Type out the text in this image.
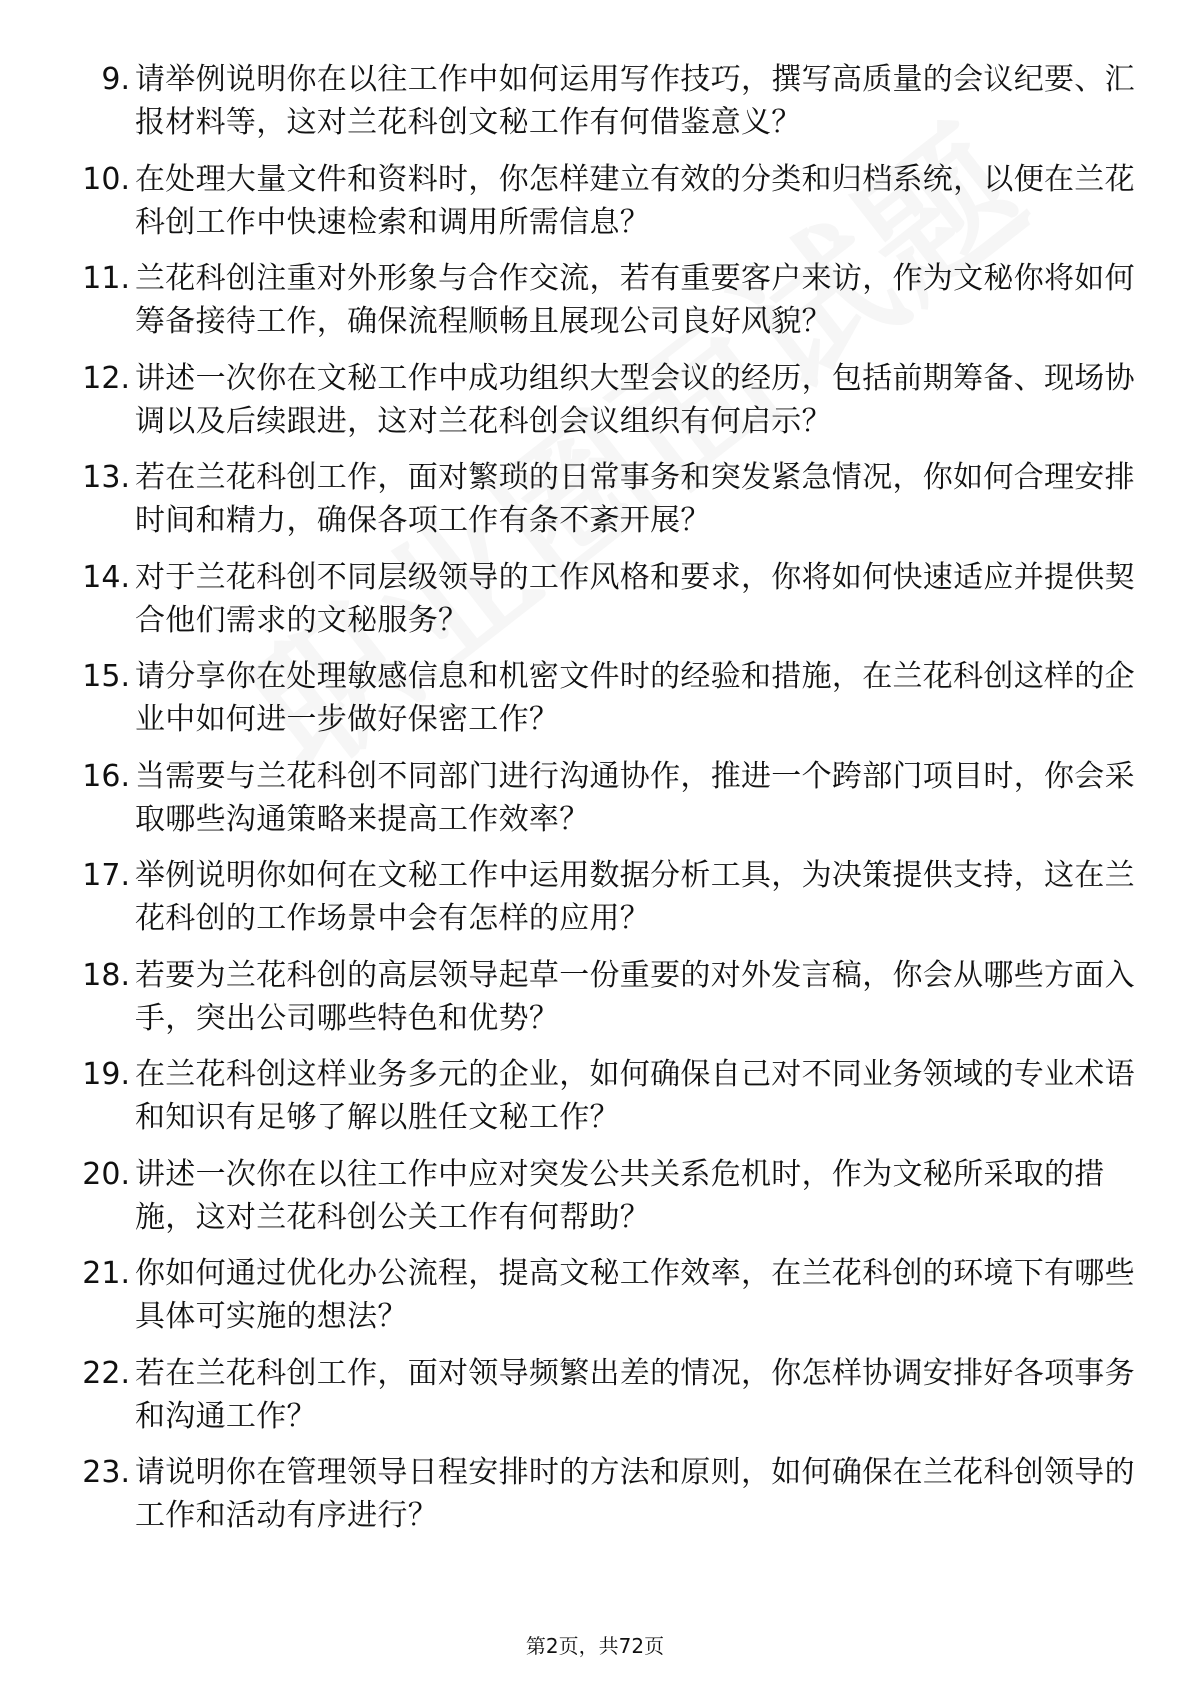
9. 请举例说明你在以往工作中如何运用写作技巧，撰写高质量的会议纪要、汇报材料等，这对兰花科创文秘工作有何借鉴意义？
10. 在处理大量文件和资料时，你怎样建立有效的分类和归档系统，以便在兰花科创工作中快速检索和调用所需信息？
11. 兰花科创注重对外形象与合作交流，若有重要客户来访，作为文秘你将如何筹备接待工作，确保流程顺畅且展现公司良好风貌？
12. 讲述一次你在文秘工作中成功组织大型会议的经历，包括前期筹备、现场协调以及后续跟进，这对兰花科创会议组织有何启示？
13. 若在兰花科创工作，面对繁琐的日常事务和突发紧急情况，你如何合理安排时间和精力，确保各项工作有条不紊开展？
14. 对于兰花科创不同层级领导的工作风格和要求，你将如何快速适应并提供契合他们需求的文秘服务？
15. 请分享你在处理敏感信息和机密文件时的经验和措施，在兰花科创这样的企业中如何进一步做好保密工作？
16. 当需要与兰花科创不同部门进行沟通协作，推进一个跨部门项目时，你会采取哪些沟通策略来提高工作效率？
17. 举例说明你如何在文秘工作中运用数据分析工具，为决策提供支持，这在兰花科创的工作场景中会有怎样的应用？
18. 若要为兰花科创的高层领导起草一份重要的对外发言稿，你会从哪些方面入手，突出公司哪些特色和优势？
19. 在兰花科创这样业务多元的企业，如何确保自己对不同业务领域的专业术语和知识有足够了解以胜任文秘工作？
20. 讲述一次你在以往工作中应对突发公共关系危机时，作为文秘所采取的措施，这对兰花科创公关工作有何帮助？
21. 你如何通过优化办公流程，提高文秘工作效率，在兰花科创的环境下有哪些具体可实施的想法？
22. 若在兰花科创工作，面对领导频繁出差的情况，你怎样协调安排好各项事务和沟通工作？
23. 请说明你在管理领导日程安排时的方法和原则，如何确保在兰花科创领导的工作和活动有序进行？
第2页，共72页
